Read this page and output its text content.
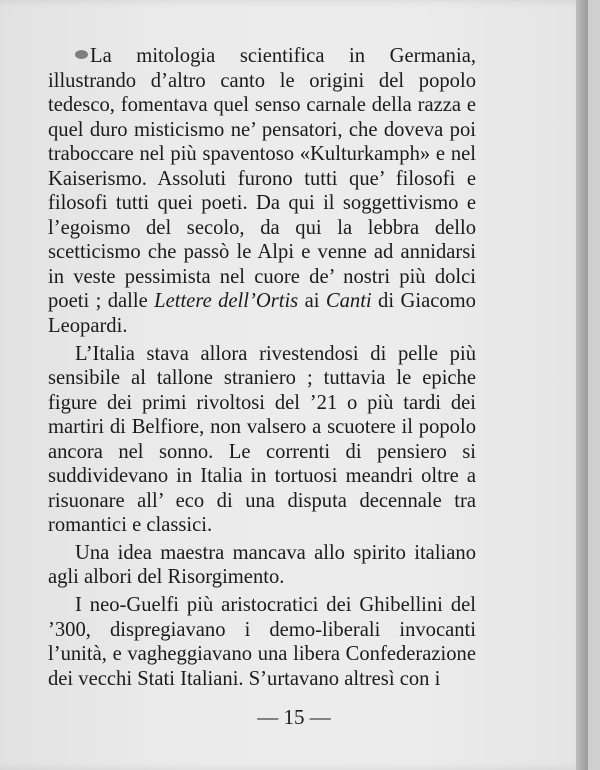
La mitologia scientifica in Germania, illustrando d’altro canto le origini del popolo tedesco, fomentava quel senso carnale della razza e quel duro misticismo ne’ pensatori, che doveva poi traboccare nel più spaventoso «Kulturkamph» e nel Kaiserismo. Assoluti furono tutti que’ filosofi e filosofi tutti quei poeti. Da qui il soggettivismo e l’egoismo del secolo, da qui la lebbra dello scetticismo che passò le Alpi e venne ad annidarsi in veste pessimista nel cuore de’ nostri più dolci poeti ; dalle Lettere dell’Ortis ai Canti di Giacomo Leopardi.

L’Italia stava allora rivestendosi di pelle più sensibile al tallone straniero ; tuttavia le epiche figure dei primi rivoltosi del ’21 o più tardi dei martiri di Belfiore, non valsero a scuotere il popolo ancora nel sonno. Le correnti di pensiero si suddividevano in Italia in tortuosi meandri oltre a risuonare all’ eco di una disputa decennale tra romantici e classici.

Una idea maestra mancava allo spirito italiano agli albori del Risorgimento.

I neo-Guelfi più aristocratici dei Ghibellini del ’300, dispregiavano i demo-liberali invocanti l’unità, e vagheggiavano una libera Confederazione dei vecchi Stati Italiani. S’urtavano altresì con i

— 15 —
